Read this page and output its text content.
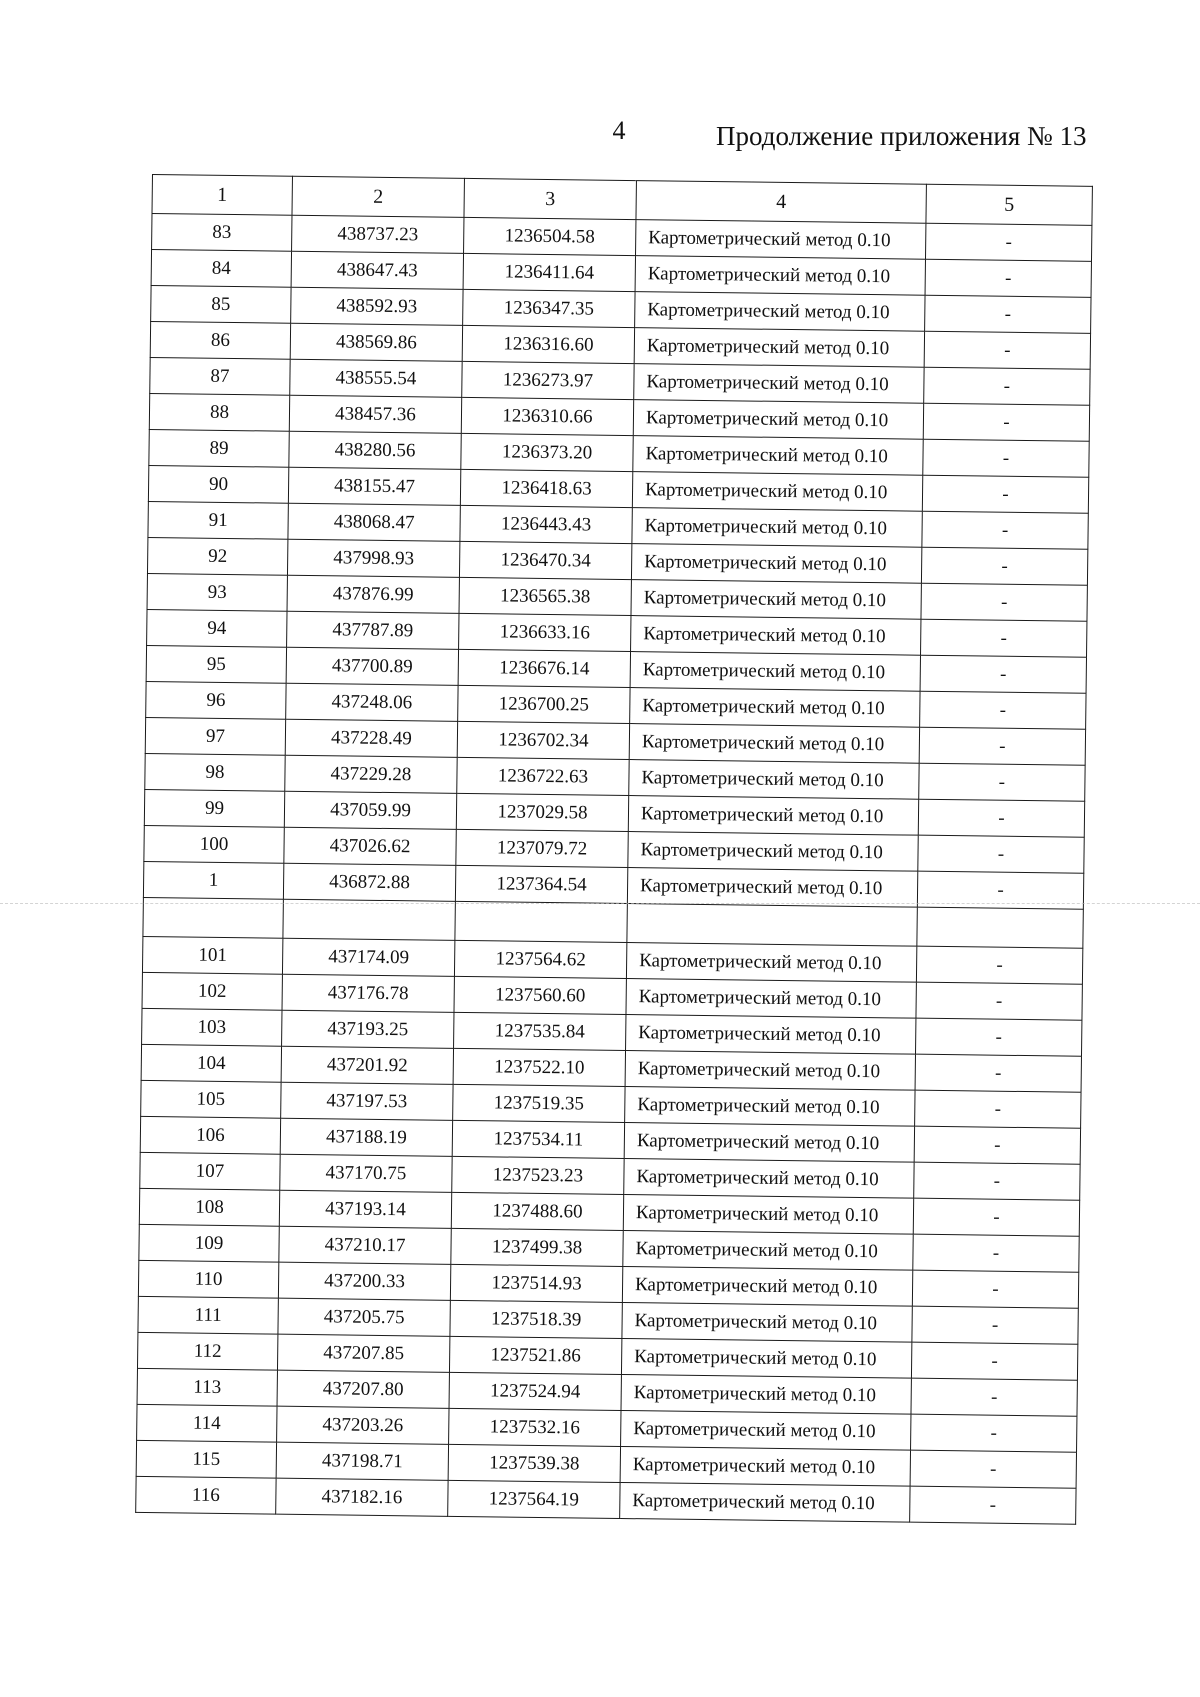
4	Продолжение приложения № 13
1	2	3	4	5
83	438737.23	1236504.58	Картометрический метод 0.10	-
84	438647.43	1236411.64	Картометрический метод 0.10	-
85	438592.93	1236347.35	Картометрический метод 0.10	-
86	438569.86	1236316.60	Картометрический метод 0.10	-
87	438555.54	1236273.97	Картометрический метод 0.10	-
88	438457.36	1236310.66	Картометрический метод 0.10	-
89	438280.56	1236373.20	Картометрический метод 0.10	-
90	438155.47	1236418.63	Картометрический метод 0.10	-
91	438068.47	1236443.43	Картометрический метод 0.10	-
92	437998.93	1236470.34	Картометрический метод 0.10	-
93	437876.99	1236565.38	Картометрический метод 0.10	-
94	437787.89	1236633.16	Картометрический метод 0.10	-
95	437700.89	1236676.14	Картометрический метод 0.10	-
96	437248.06	1236700.25	Картометрический метод 0.10	-
97	437228.49	1236702.34	Картометрический метод 0.10	-
98	437229.28	1236722.63	Картометрический метод 0.10	-
99	437059.99	1237029.58	Картометрический метод 0.10	-
100	437026.62	1237079.72	Картометрический метод 0.10	-
1	436872.88	1237364.54	Картометрический метод 0.10	-

101	437174.09	1237564.62	Картометрический метод 0.10	-
102	437176.78	1237560.60	Картометрический метод 0.10	-
103	437193.25	1237535.84	Картометрический метод 0.10	-
104	437201.92	1237522.10	Картометрический метод 0.10	-
105	437197.53	1237519.35	Картометрический метод 0.10	-
106	437188.19	1237534.11	Картометрический метод 0.10	-
107	437170.75	1237523.23	Картометрический метод 0.10	-
108	437193.14	1237488.60	Картометрический метод 0.10	-
109	437210.17	1237499.38	Картометрический метод 0.10	-
110	437200.33	1237514.93	Картометрический метод 0.10	-
111	437205.75	1237518.39	Картометрический метод 0.10	-
112	437207.85	1237521.86	Картометрический метод 0.10	-
113	437207.80	1237524.94	Картометрический метод 0.10	-
114	437203.26	1237532.16	Картометрический метод 0.10	-
115	437198.71	1237539.38	Картометрический метод 0.10	-
116	437182.16	1237564.19	Картометрический метод 0.10	-
